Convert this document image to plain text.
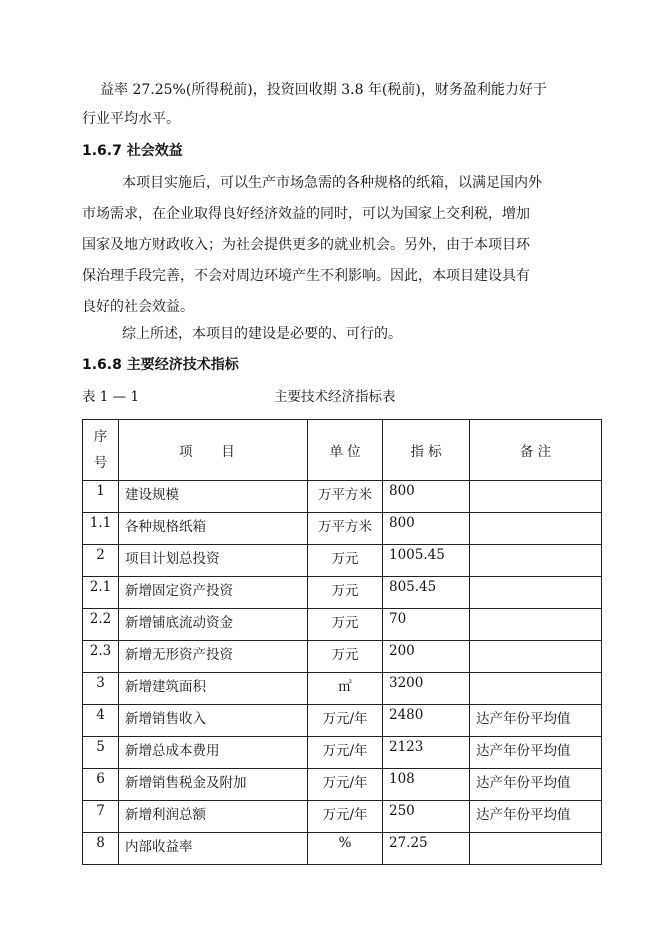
益率 27.25%(所得税前)，投资回收期 3.8 年(税前)，财务盈利能力好于
行业平均水平。
1.6.7 社会效益
本项目实施后，可以生产市场急需的各种规格的纸箱，以满足国内外
市场需求，在企业取得良好经济效益的同时，可以为国家上交利税，增加
国家及地方财政收入；为社会提供更多的就业机会。另外，由于本项目环
保治理手段完善，不会对周边环境产生不利影响。因此，本项目建设具有
良好的社会效益。
综上所述，本项目的建设是必要的、可行的。
1.6.8 主要经济技术指标
表 1 — 1	主要技术经济指标表
序
号	项 目	单 位	指 标	备 注
1	建设规模	万平方米	800	
1.1	各种规格纸箱	万平方米	800	
2	项目计划总投资	万元	1005.45	
2.1	新增固定资产投资	万元	805.45	
2.2	新增铺底流动资金	万元	70	
2.3	新增无形资产投资	万元	200	
3	新增建筑面积	㎡	3200	
4	新增销售收入	万元/年	2480	达产年份平均值
5	新增总成本费用	万元/年	2123	达产年份平均值
6	新增销售税金及附加	万元/年	108	达产年份平均值
7	新增利润总额	万元/年	250	达产年份平均值
8	内部收益率	%	27.25	
